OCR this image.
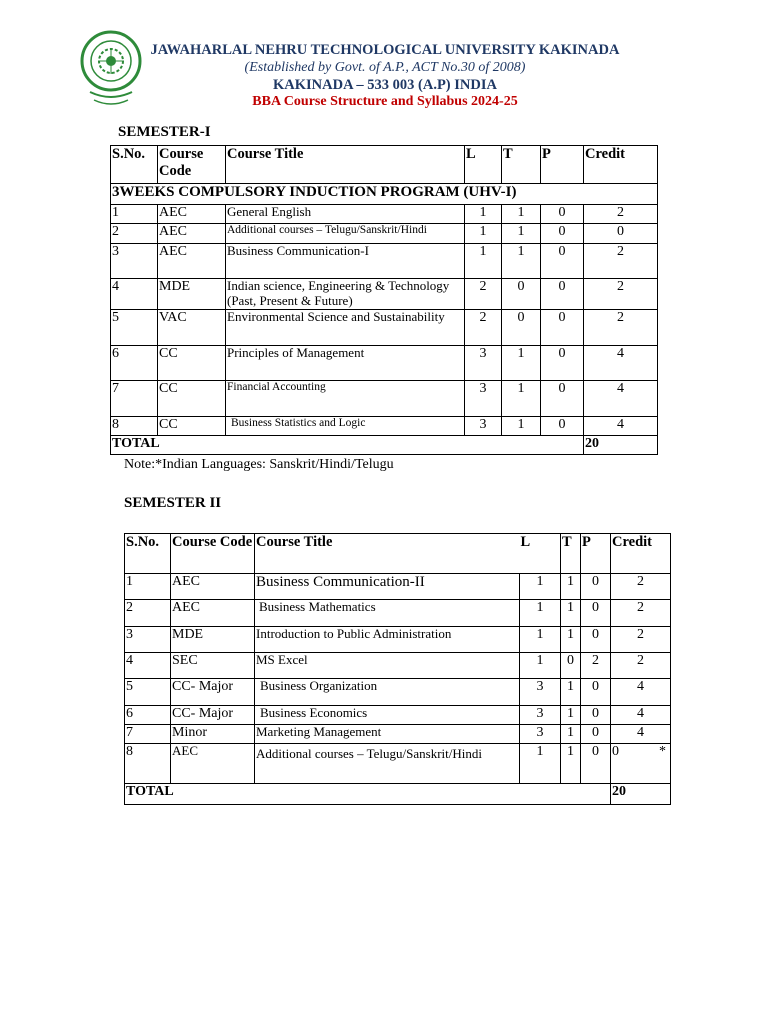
JAWAHARLAL NEHRU TECHNOLOGICAL UNIVERSITY KAKINADA
(Established by Govt. of A.P., ACT No.30 of 2008)
KAKINADA – 533 003 (A.P) INDIA
BBA Course Structure and Syllabus 2024-25
SEMESTER-I
S.No.	Course Code	Course Title	L	T	P	Credit
3WEEKS COMPULSORY INDUCTION PROGRAM (UHV-I)						
1	AEC	General English	1	1	0	2
2	AEC	Additional courses – Telugu/Sanskrit/Hindi	1	1	0	0
3	AEC	Business Communication-I	1	1	0	2
4	MDE	Indian science, Engineering & Technology (Past, Present & Future)	2	0	0	2
5	VAC	Environmental Science and Sustainability	2	0	0	2
6	CC	Principles of Management	3	1	0	4
7	CC	Financial Accounting	3	1	0	4
8	CC	Business Statistics and Logic	3	1	0	4
TOTAL						20
Note:*Indian Languages: Sanskrit/Hindi/Telugu
SEMESTER II
S.No.	Course Code	Course Title	L	T	P	Credit
1	AEC	Business Communication-II	1	1	0	2
2	AEC	Business Mathematics	1	1	0	2
3	MDE	Introduction to Public Administration	1	1	0	2
4	SEC	MS Excel	1	0	2	2
5	CC- Major	Business Organization	3	1	0	4
6	CC- Major	Business Economics	3	1	0	4
7	Minor	Marketing Management	3	1	0	4
8	AEC	Additional courses – Telugu/Sanskrit/Hindi	1	1	0	0 *

TOTAL						20
